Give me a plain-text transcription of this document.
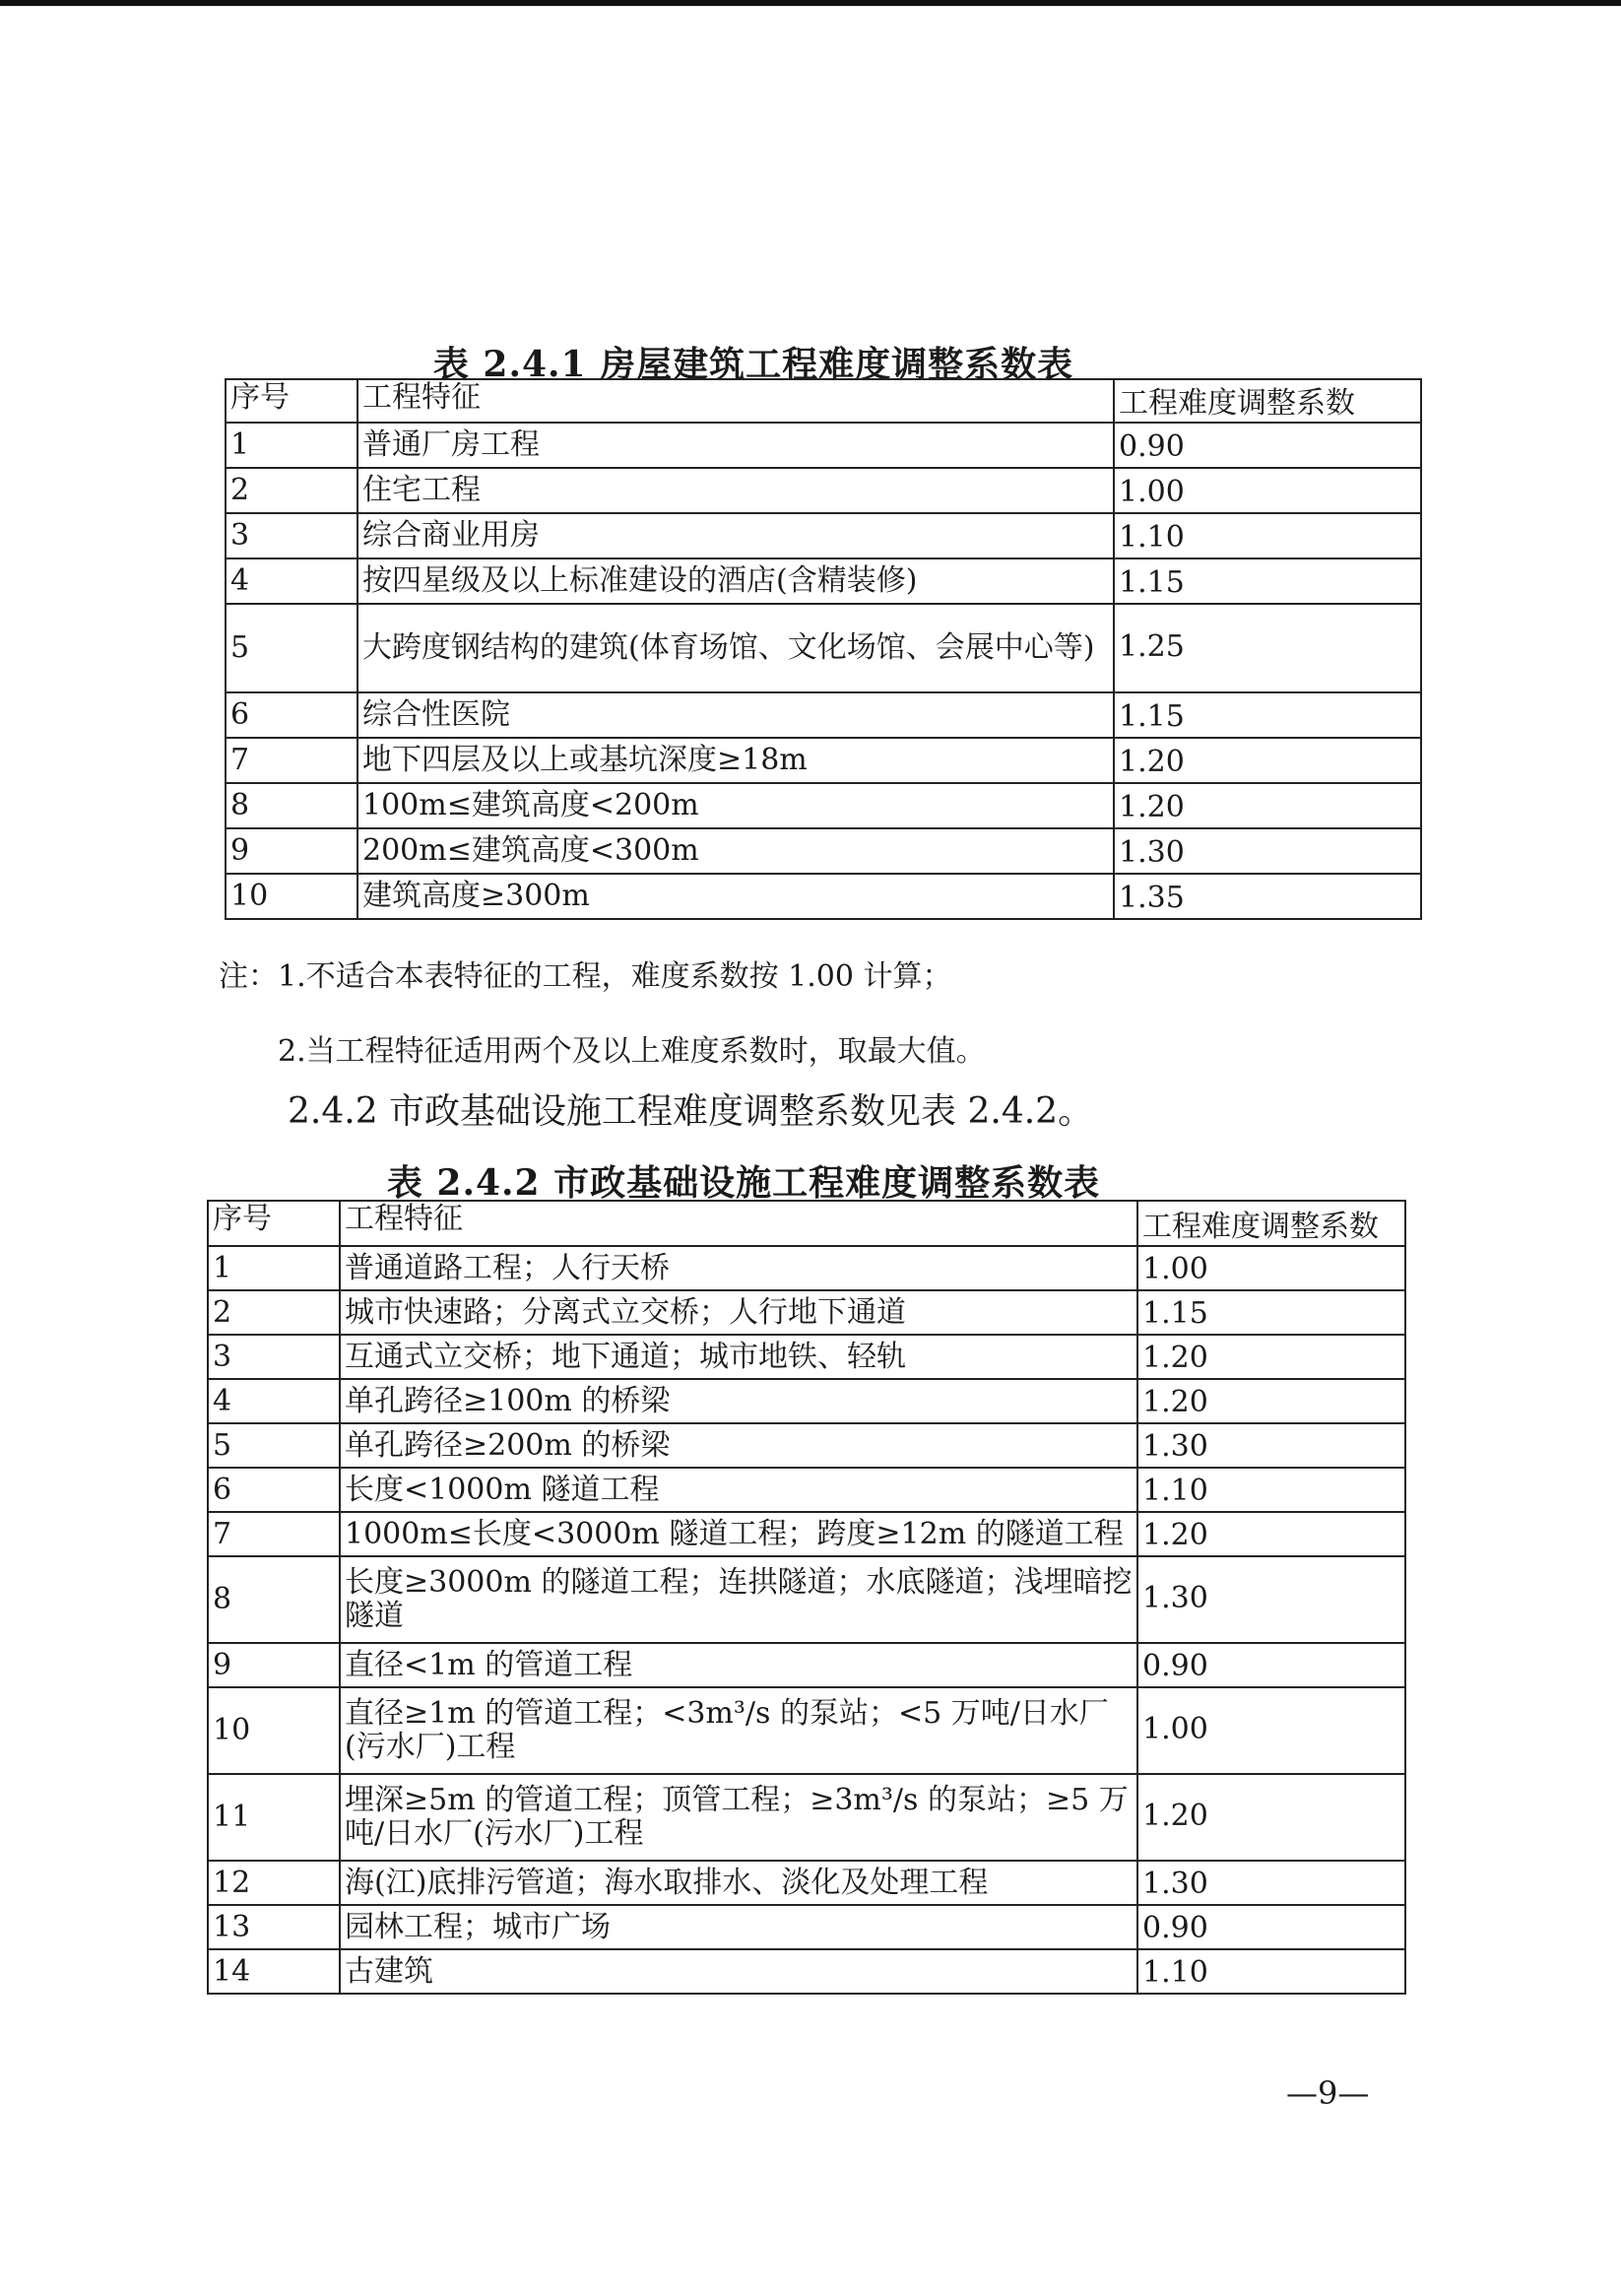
表 2.4.1 房屋建筑工程难度调整系数表
序号	工程特征	工程难度调整系数
1	普通厂房工程	0.90
2	住宅工程	1.00
3	综合商业用房	1.10
4	按四星级及以上标准建设的酒店(含精装修)	1.15
5	大跨度钢结构的建筑(体育场馆、文化场馆、会展中心等)	1.25
6	综合性医院	1.15
7	地下四层及以上或基坑深度≥18m	1.20
8	100m≤建筑高度<200m	1.20
9	200m≤建筑高度<300m	1.30
10	建筑高度≥300m	1.35
注：1.不适合本表特征的工程，难度系数按 1.00 计算；
2.当工程特征适用两个及以上难度系数时，取最大值。
2.4.2 市政基础设施工程难度调整系数见表 2.4.2。
表 2.4.2 市政基础设施工程难度调整系数表
序号	工程特征	工程难度调整系数
1	普通道路工程；人行天桥	1.00
2	城市快速路；分离式立交桥；人行地下通道	1.15
3	互通式立交桥；地下通道；城市地铁、轻轨	1.20
4	单孔跨径≥100m 的桥梁	1.20
5	单孔跨径≥200m 的桥梁	1.30
6	长度<1000m 隧道工程	1.10
7	1000m≤长度<3000m 隧道工程；跨度≥12m 的隧道工程	1.20
8	长度≥3000m 的隧道工程；连拱隧道；水底隧道；浅埋暗挖隧道	1.30
9	直径<1m 的管道工程	0.90
10	直径≥1m 的管道工程；<3m³/s 的泵站；<5 万吨/日水厂(污水厂)工程	1.00
11	埋深≥5m 的管道工程；顶管工程；≥3m³/s 的泵站；≥5 万吨/日水厂(污水厂)工程	1.20
12	海(江)底排污管道；海水取排水、淡化及处理工程	1.30
13	园林工程；城市广场	0.90
14	古建筑	1.10
—9—
